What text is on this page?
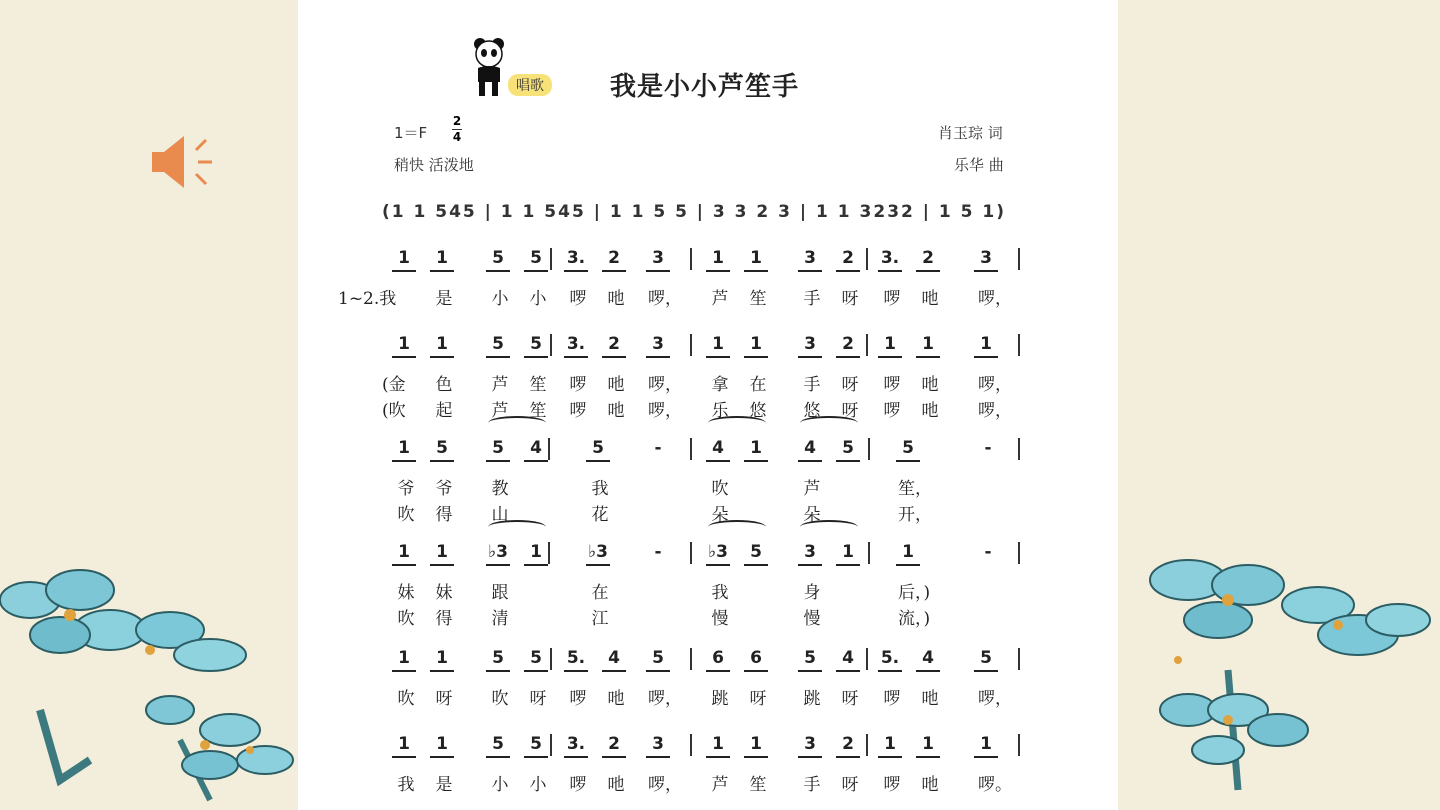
唱歌	我是小小芦笙手
1＝F
2
4
稍快 活泼地
肖玉琮 词
乐华 曲
(1 1 545 | 1 1 545 | 1 1 5 5 | 3 3 2 3 | 1 1 3232 | 1 5 1)
1 1	5 5 3. 2 3	1 1 3 2 3. 2	3
1~2.我	是 小 小 啰 吔 啰， 芦 笙 手 呀 啰 吔 啰，
1 1	5 5 3. 2 3	1 1 3 2 1 1	1
(金	色 芦 笙 啰 吔 啰， 拿 在 手 呀 啰 吔 啰，
(吹	起 芦 笙 啰 吔 啰， 乐 悠 悠 呀 啰 吔 啰，
1 5	5 4	5	-	4 1 4 5	5	-
爷 爷 教	我	吹	芦	笙，
吹 得 山	花	朵	朵	开，
1 1 ♭3 1	♭3	-	♭3 5 3 1	1	-
妹 妹 跟	在	我	身	后，)
吹 得 清	江	慢	慢	流，)
1 1	5 5 5. 4 5	6 6 5 4 5. 4	5
吹 呀 吹 呀 啰 吔 啰， 跳 呀 跳 呀 啰 吔 啰，
1 1	5 5 3. 2 3	1 1 3 2 1 1	1
我 是 小 小 啰 吔 啰， 芦 笙 手 呀 啰 吔 啰。
